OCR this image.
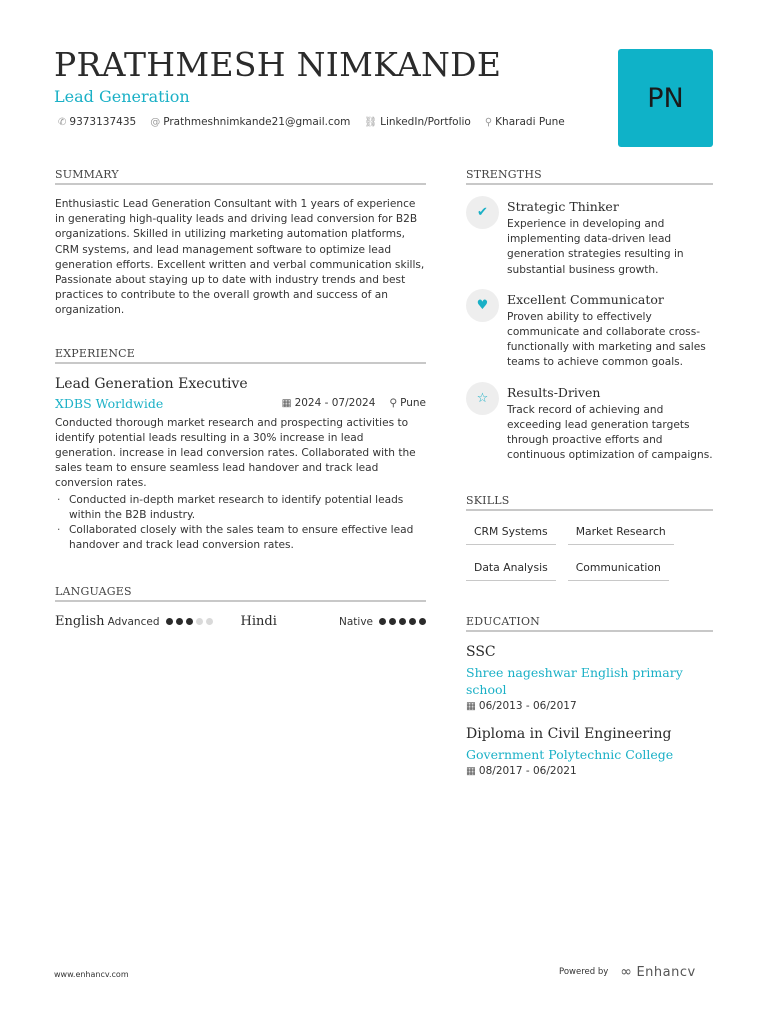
PRATHMESH NIMKANDE
Lead Generation
✆ 9373137435 @ Prathmeshnimkande21@gmail.com ⛓ LinkedIn/Portfolio ⚲ Kharadi Pune
PN
SUMMARY
Enthusiastic Lead Generation Consultant with 1 years of experience in generating high-quality leads and driving lead conversion for B2B organizations. Skilled in utilizing marketing automation platforms, CRM systems, and lead management software to optimize lead generation efforts. Excellent written and verbal communication skills, Passionate about staying up to date with industry trends and best practices to contribute to the overall growth and success of an organization.
EXPERIENCE
Lead Generation Executive
XDBS Worldwide	▦ 2024 - 07/2024 ⚲ Pune
Conducted thorough market research and prospecting activities to identify potential leads resulting in a 30% increase in lead generation. increase in lead conversion rates. Collaborated with the sales team to ensure seamless lead handover and track lead conversion rates.
· Conducted in-depth market research to identify potential leads within the B2B industry.
· Collaborated closely with the sales team to ensure effective lead handover and track lead conversion rates.
LANGUAGES
English Advanced	Hindi	Native
STRENGTHS
✔	Strategic Thinker
Experience in developing and implementing data-driven lead generation strategies resulting in substantial business growth.
♥	Excellent Communicator
Proven ability to effectively communicate and collaborate cross-functionally with marketing and sales teams to achieve common goals.
☆	Results-Driven
Track record of achieving and exceeding lead generation targets through proactive efforts and continuous optimization of campaigns.
SKILLS
CRM Systems	Market Research
Data Analysis	Communication
EDUCATION
SSC
Shree nageshwar English primary school
▦ 06/2013 - 06/2017
Diploma in Civil Engineering
Government Polytechnic College
▦ 08/2017 - 06/2021
www.enhancv.com	Powered by ∞ Enhancv
